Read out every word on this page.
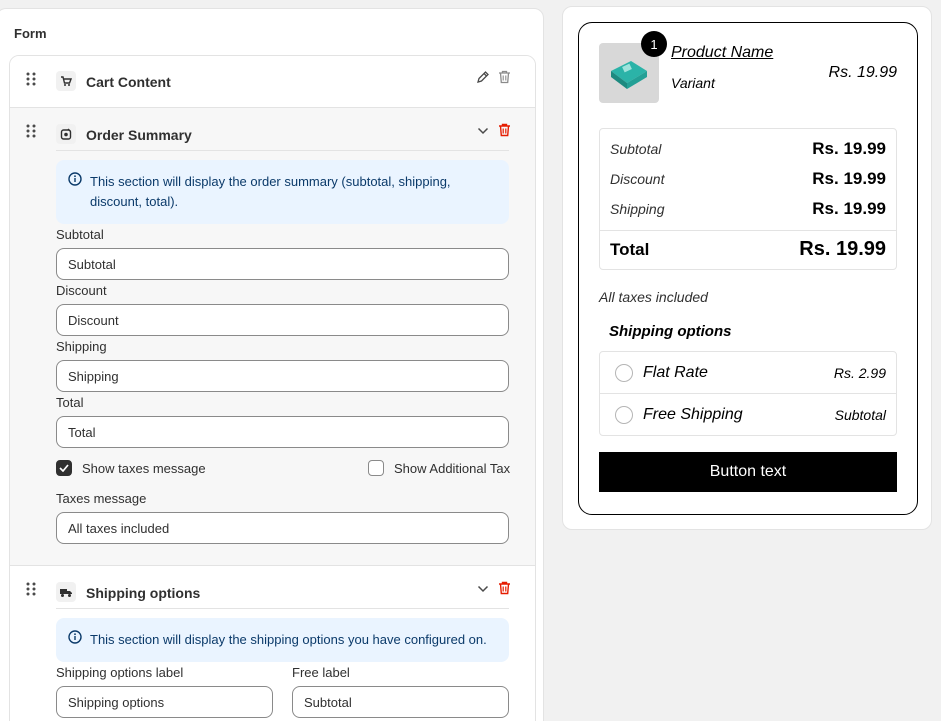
Form
Cart Content
Order Summary
This section will display the order summary (subtotal, shipping, discount, total).
Subtotal
Subtotal
Discount
Discount
Shipping
Shipping
Total
Total
Show taxes message	Show Additional Tax
Taxes message
All taxes included
Shipping options
This section will display the shipping options you have configured on.
Shipping options label
Shipping options
Free label
Subtotal
1 Product Name
Variant
Rs. 19.99
Subtotal	Rs. 19.99
Discount	Rs. 19.99
Shipping	Rs. 19.99
Total	Rs. 19.99
All taxes included
Shipping options
Flat Rate	Rs. 2.99
Free Shipping	Subtotal
Button text
